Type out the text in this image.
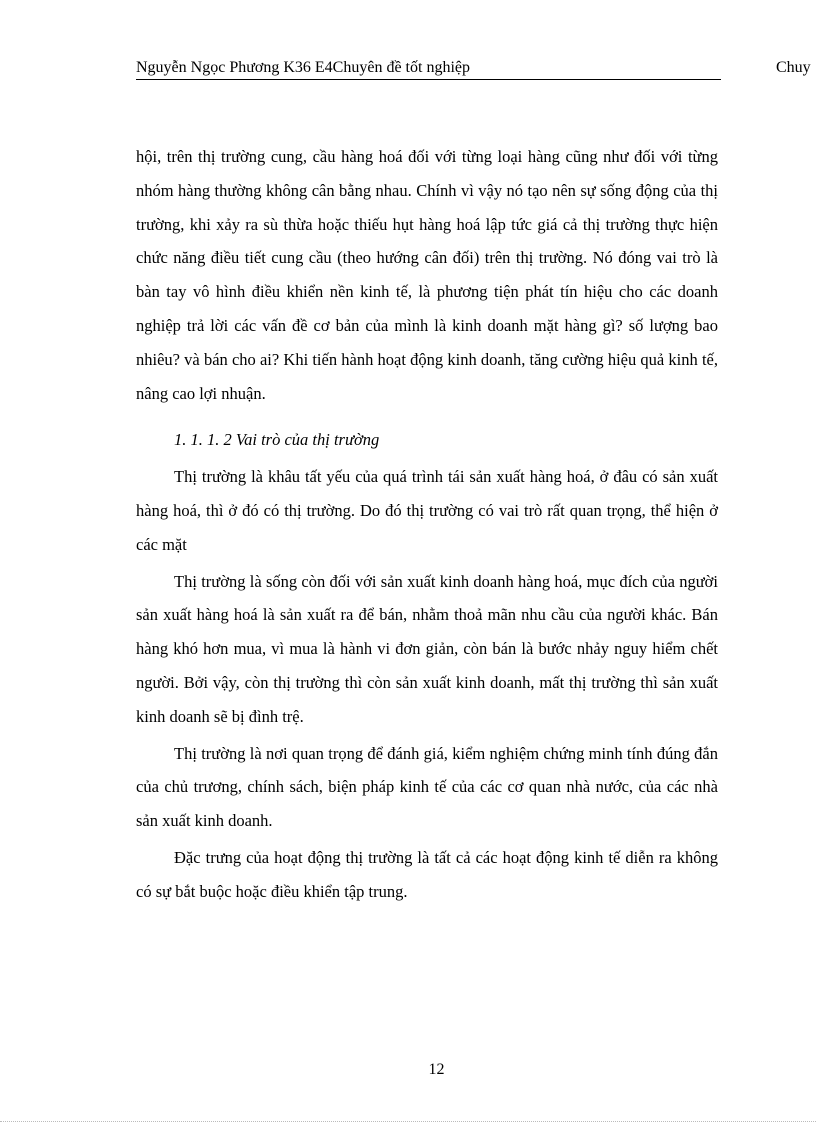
Nguyễn Ngọc Phương K36 E4Chuyên đề tốt nghiệp	Chuy

hội, trên thị trường cung, cầu hàng hoá đối với từng loại hàng cũng như đối với từng nhóm hàng thường không cân bằng nhau. Chính vì vậy nó tạo nên sự sống động của thị trường, khi xảy ra sù thừa hoặc thiếu hụt hàng hoá lập tức giá cả thị trường thực hiện chức năng điều tiết cung cầu (theo hướng cân đối) trên thị trường. Nó đóng vai trò là bàn tay vô hình điều khiển nền kinh tế, là phương tiện phát tín hiệu cho các doanh nghiệp trả lời các vấn đề cơ bản của mình là kinh doanh mặt hàng gì? số lượng bao nhiêu? và bán cho ai? Khi tiến hành hoạt động kinh doanh, tăng cường hiệu quả kinh tế, nâng cao lợi nhuận.

1. 1. 1. 2 Vai trò của thị trường

Thị trường là khâu tất yếu của quá trình tái sản xuất hàng hoá, ở đâu có sản xuất hàng hoá, thì ở đó có thị trường. Do đó thị trường có vai trò rất quan trọng, thể hiện ở các mặt

Thị trường là sống còn đối với sản xuất kinh doanh hàng hoá, mục đích của người sản xuất hàng hoá là sản xuất ra để bán, nhằm thoả mãn nhu cầu của người khác. Bán hàng khó hơn mua, vì mua là hành vi đơn giản, còn bán là bước nhảy nguy hiểm chết người. Bởi vậy, còn thị trường thì còn sản xuất kinh doanh, mất thị trường thì sản xuất kinh doanh sẽ bị đình trệ.

Thị trường là nơi quan trọng để đánh giá, kiểm nghiệm chứng minh tính đúng đắn của chủ trương, chính sách, biện pháp kinh tế của các cơ quan nhà nước, của các nhà sản xuất kinh doanh.

Đặc trưng của hoạt động thị trường là tất cả các hoạt động kinh tế diễn ra không có sự bắt buộc hoặc điều khiển tập trung.

12
